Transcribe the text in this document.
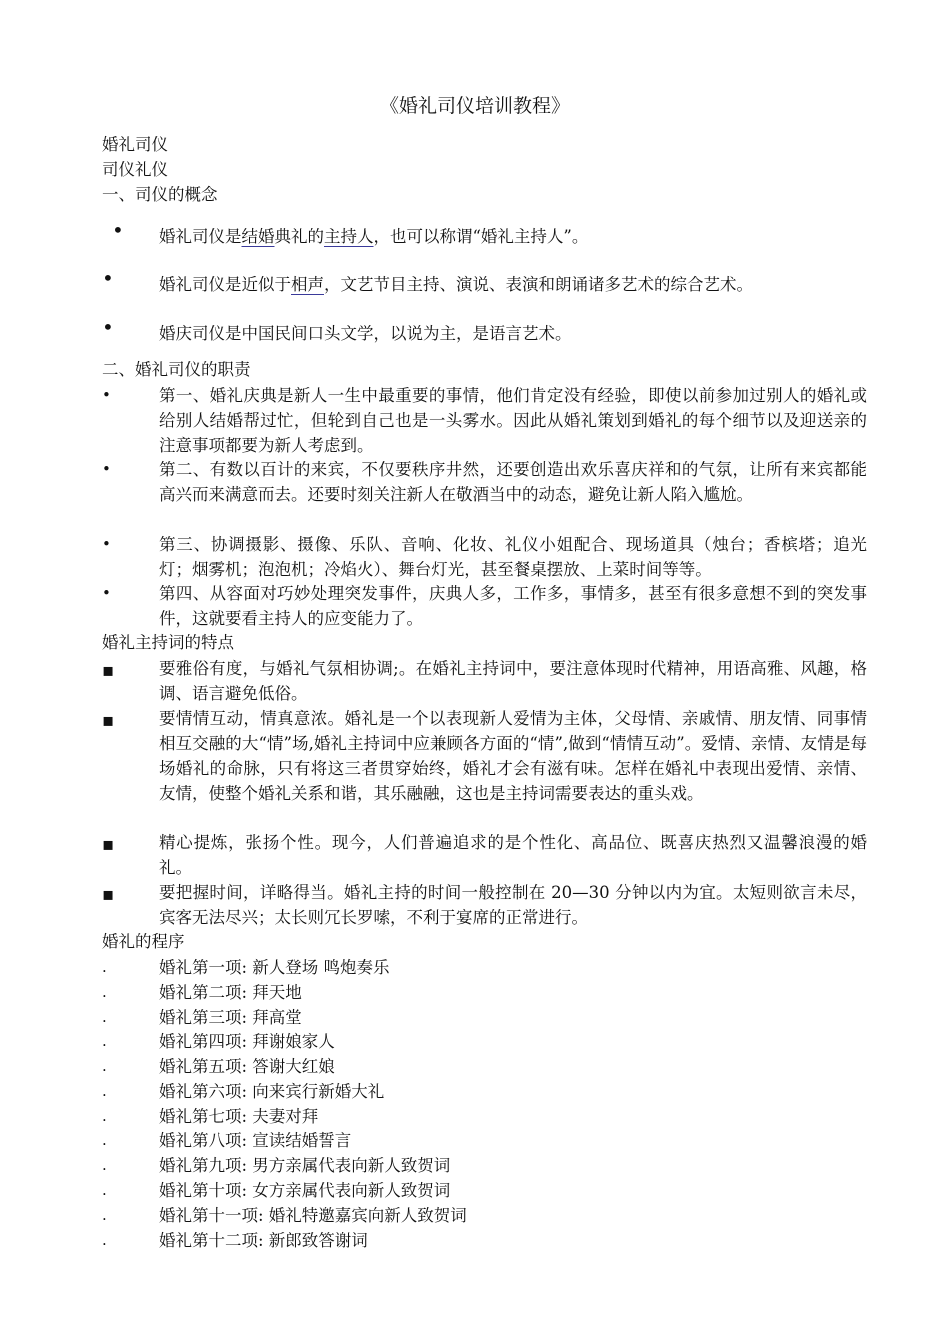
《婚礼司仪培训教程》
婚礼司仪
司仪礼仪
一、司仪的概念
• 婚礼司仪是结婚典礼的主持人，也可以称谓“婚礼主持人”。
•	婚礼司仪是近似于相声，文艺节目主持、演说、表演和朗诵诸多艺术的综合艺术。
•	婚庆司仪是中国民间口头文学，以说为主，是语言艺术。
二、婚礼司仪的职责
•	第一、婚礼庆典是新人一生中最重要的事情，他们肯定没有经验，即使以前参加过别人的婚礼或给别人结婚帮过忙，但轮到自己也是一头雾水。因此从婚礼策划到婚礼的每个细节以及迎送亲的注意事项都要为新人考虑到。
•	第二、有数以百计的来宾，不仅要秩序井然，还要创造出欢乐喜庆祥和的气氛，让所有来宾都能高兴而来满意而去。还要时刻关注新人在敬酒当中的动态，避免让新人陷入尴尬。
•	第三、协调摄影、摄像、乐队、音响、化妆、礼仪小姐配合、现场道具（烛台；香槟塔；追光灯；烟雾机；泡泡机；冷焰火）、舞台灯光，甚至餐桌摆放、上菜时间等等。
•	第四、从容面对巧妙处理突发事件，庆典人多，工作多，事情多，甚至有很多意想不到的突发事件，这就要看主持人的应变能力了。
婚礼主持词的特点
▪	要雅俗有度，与婚礼气氛相协调;。在婚礼主持词中，要注意体现时代精神，用语高雅、风趣，格调、语言避免低俗。
▪	要情情互动，情真意浓。婚礼是一个以表现新人爱情为主体，父母情、亲戚情、朋友情、同事情相互交融的大“情”场,婚礼主持词中应兼顾各方面的“情”,做到“情情互动”。爱情、亲情、友情是每场婚礼的命脉，只有将这三者贯穿始终，婚礼才会有滋有味。怎样在婚礼中表现出爱情、亲情、友情，使整个婚礼关系和谐，其乐融融，这也是主持词需要表达的重头戏。
▪	精心提炼，张扬个性。现今，人们普遍追求的是个性化、高品位、既喜庆热烈又温馨浪漫的婚礼。
▪	要把握时间，详略得当。婚礼主持的时间一般控制在 20—30 分钟以内为宜。太短则欲言未尽，宾客无法尽兴；太长则冗长罗嗦，不利于宴席的正常进行。
婚礼的程序
.	婚礼第一项: 新人登场 鸣炮奏乐
.	婚礼第二项: 拜天地
.	婚礼第三项: 拜高堂
.	婚礼第四项: 拜谢娘家人
.	婚礼第五项: 答谢大红娘
.	婚礼第六项: 向来宾行新婚大礼
.	婚礼第七项: 夫妻对拜
.	婚礼第八项: 宣读结婚誓言
.	婚礼第九项: 男方亲属代表向新人致贺词
.	婚礼第十项: 女方亲属代表向新人致贺词
.	婚礼第十一项: 婚礼特邀嘉宾向新人致贺词
.	婚礼第十二项: 新郎致答谢词
